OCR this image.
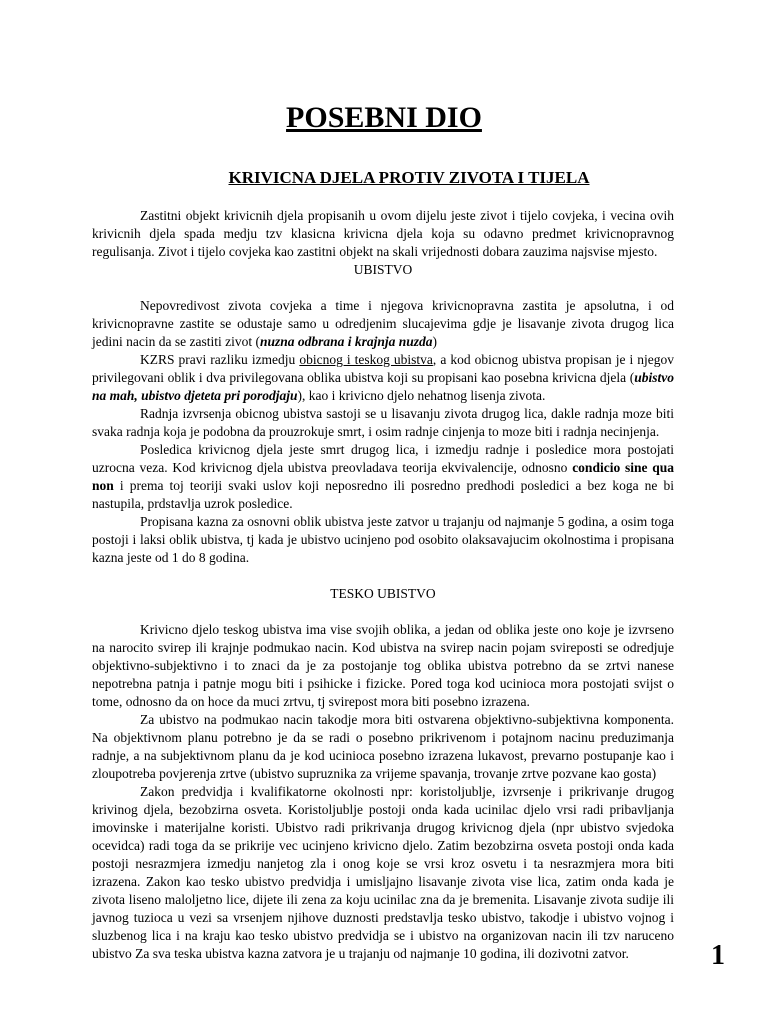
POSEBNI DIO
KRIVICNA DJELA PROTIV ZIVOTA I TIJELA

Zastitni objekt krivicnih djela propisanih u ovom dijelu jeste zivot i tijelo covjeka, i vecina ovih krivicnih djela spada medju tzv klasicna krivicna djela koja su odavno predmet krivicnopravnog regulisanja. Zivot i tijelo covjeka kao zastitni objekt na skali vrijednosti dobara zauzima najsvise mjesto.

UBISTVO

Nepovredivost zivota covjeka a time i njegova krivicnopravna zastita je apsolutna, i od krivicnopravne zastite se odustaje samo u odredjenim slucajevima gdje je lisavanje zivota drugog lica jedini nacin da se zastiti zivot (nuzna odbrana i krajnja nuzda)

KZRS pravi razliku izmedju obicnog i teskog ubistva, a kod obicnog ubistva propisan je i njegov privilegovani oblik i dva privilegovana oblika ubistva koji su propisani kao posebna krivicna djela (ubistvo na mah, ubistvo djeteta pri porodjaju), kao i krivicno djelo nehatnog lisenja zivota.

Radnja izvrsenja obicnog ubistva sastoji se u lisavanju zivota drugog lica, dakle radnja moze biti svaka radnja koja je podobna da prouzrokuje smrt, i osim radnje cinjenja to moze biti i radnja necinjenja.

Posledica krivicnog djela jeste smrt drugog lica, i izmedju radnje i posledice mora postojati uzrocna veza. Kod krivicnog djela ubistva preovladava teorija ekvivalencije, odnosno condicio sine qua non i prema toj teoriji svaki uslov koji neposredno ili posredno predhodi posledici a bez koga ne bi nastupila, prdstavlja uzrok posledice.

Propisana kazna za osnovni oblik ubistva jeste zatvor u trajanju od najmanje 5 godina, a osim toga postoji i laksi oblik ubistva, tj kada je ubistvo ucinjeno pod osobito olaksavajucim okolnostima i propisana kazna jeste od 1 do 8 godina.

TESKO UBISTVO

Krivicno djelo teskog ubistva ima vise svojih oblika, a jedan od oblika jeste ono koje je izvrseno na narocito svirep ili krajnje podmukao nacin. Kod ubistva na svirep nacin pojam svireposti se odredjuje objektivno-subjektivno i to znaci da je za postojanje tog oblika ubistva potrebno da se zrtvi nanese nepotrebna patnja i patnje mogu biti i psihicke i fizicke. Pored toga kod ucinioca mora postojati svijst o tome, odnosno da on hoce da muci zrtvu, tj svirepost mora biti posebno izrazena.

Za ubistvo na podmukao nacin takodje mora biti ostvarena objektivno-subjektivna komponenta. Na objektivnom planu potrebno je da se radi o posebno prikrivenom i potajnom nacinu preduzimanja radnje, a na subjektivnom planu da je kod ucinioca posebno izrazena lukavost, prevarno postupanje kao i zloupotreba povjerenja zrtve (ubistvo supruznika za vrijeme spavanja, trovanje zrtve pozvane kao gosta)

Zakon predvidja i kvalifikatorne okolnosti npr: koristoljublje, izvrsenje i prikrivanje drugog krivinog djela, bezobzirna osveta. Koristoljublje postoji onda kada ucinilac djelo vrsi radi pribavljanja imovinske i materijalne koristi. Ubistvo radi prikrivanja drugog krivicnog djela (npr ubistvo svjedoka ocevidca) radi toga da se prikrije vec ucinjeno krivicno djelo. Zatim bezobzirna osveta postoji onda kada postoji nesrazmjera izmedju nanjetog zla i onog koje se vrsi kroz osvetu i ta nesrazmjera mora biti izrazena. Zakon kao tesko ubistvo predvidja i umisljajno lisavanje zivota vise lica, zatim onda kada je zivota liseno maloljetno lice, dijete ili zena za koju ucinilac zna da je bremenita. Lisavanje zivota sudije ili javnog tuzioca u vezi sa vrsenjem njihove duznosti predstavlja tesko ubistvo, takodje i ubistvo vojnog i sluzbenog lica i na kraju kao tesko ubistvo predvidja se i ubistvo na organizovan nacin ili tzv naruceno ubistvo Za sva teska ubistva kazna zatvora je u trajanju od najmanje 10 godina, ili dozivotni zatvor.	1
